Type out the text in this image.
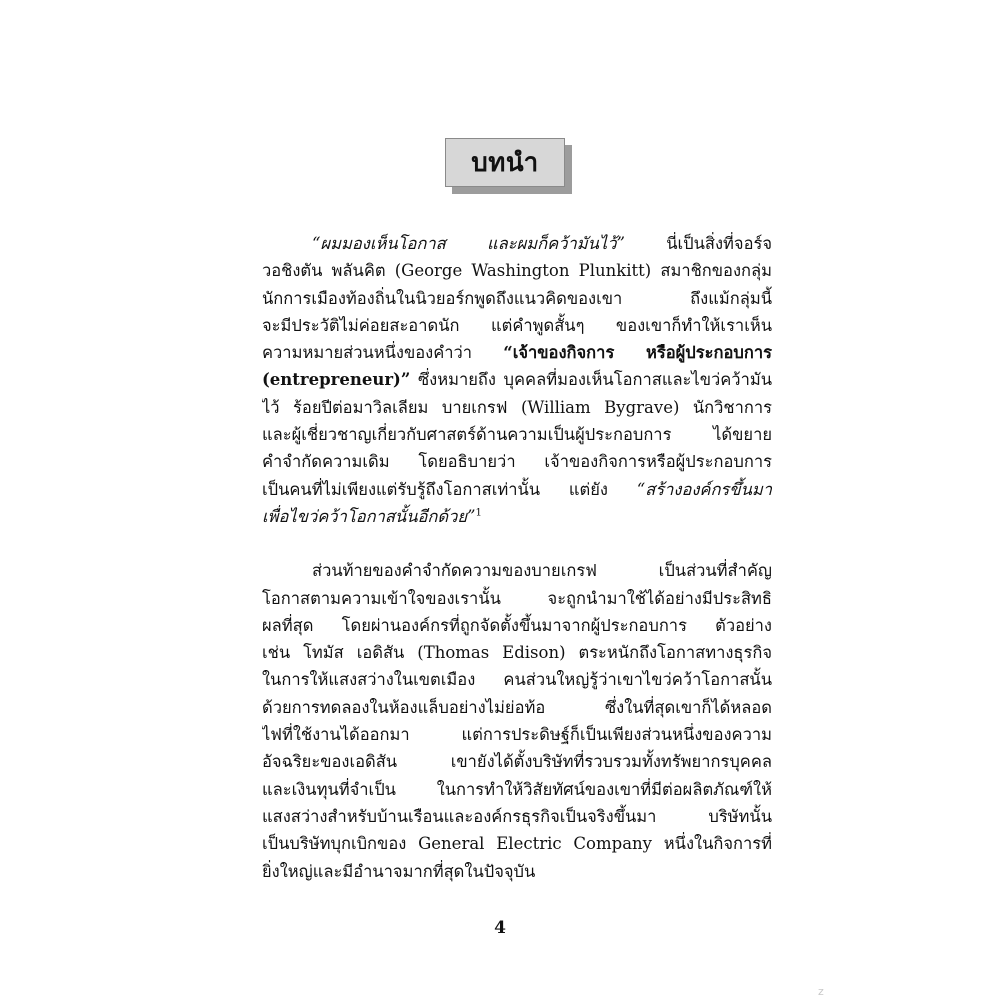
บทนำ
“ผมมองเห็นโอกาส และผมก็คว้ามันไว้” นี่เป็นสิ่งที่จอร์จ
วอชิงตัน พลันคิต (George Washington Plunkitt) สมาชิกของกลุ่ม
นักการเมืองท้องถิ่นในนิวยอร์กพูดถึงแนวคิดของเขา ถึงแม้กลุ่มนี้
จะมีประวัติไม่ค่อยสะอาดนัก แต่คำพูดสั้นๆ ของเขาก็ทำให้เราเห็น
ความหมายส่วนหนึ่งของคำว่า “เจ้าของกิจการ หรือผู้ประกอบการ
(entrepreneur)” ซึ่งหมายถึง บุคคลที่มองเห็นโอกาสและไขว่คว้ามัน
ไว้ ร้อยปีต่อมาวิลเลียม บายเกรฟ (William Bygrave) นักวิชาการ
และผู้เชี่ยวชาญเกี่ยวกับศาสตร์ด้านความเป็นผู้ประกอบการ ได้ขยาย
คำจำกัดความเดิม โดยอธิบายว่า เจ้าของกิจการหรือผู้ประกอบการ
เป็นคนที่ไม่เพียงแต่รับรู้ถึงโอกาสเท่านั้น แต่ยัง “สร้างองค์กรขึ้นมา
เพื่อไขว่คว้าโอกาสนั้นอีกด้วย”$^1$
ส่วนท้ายของคำจำกัดความของบายเกรฟ เป็นส่วนที่สำคัญ
โอกาสตามความเข้าใจของเรานั้น จะถูกนำมาใช้ได้อย่างมีประสิทธิ
ผลที่สุด โดยผ่านองค์กรที่ถูกจัดตั้งขึ้นมาจากผู้ประกอบการ ตัวอย่าง
เช่น โทมัส เอดิสัน (Thomas Edison) ตระหนักถึงโอกาสทางธุรกิจ
ในการให้แสงสว่างในเขตเมือง คนส่วนใหญ่รู้ว่าเขาไขว่คว้าโอกาสนั้น
ด้วยการทดลองในห้องแล็บอย่างไม่ย่อท้อ ซึ่งในที่สุดเขาก็ได้หลอด
ไฟที่ใช้งานได้ออกมา แต่การประดิษฐ์ก็เป็นเพียงส่วนหนึ่งของความ
อัจฉริยะของเอดิสัน เขายังได้ตั้งบริษัทที่รวบรวมทั้งทรัพยากรบุคคล
และเงินทุนที่จำเป็น ในการทำให้วิสัยทัศน์ของเขาที่มีต่อผลิตภัณฑ์ให้
แสงสว่างสำหรับบ้านเรือนและองค์กรธุรกิจเป็นจริงขึ้นมา บริษัทนั้น
เป็นบริษัทบุกเบิกของ General Electric Company หนึ่งในกิจการที่
ยิ่งใหญ่และมีอำนาจมากที่สุดในปัจจุบัน
4
z
